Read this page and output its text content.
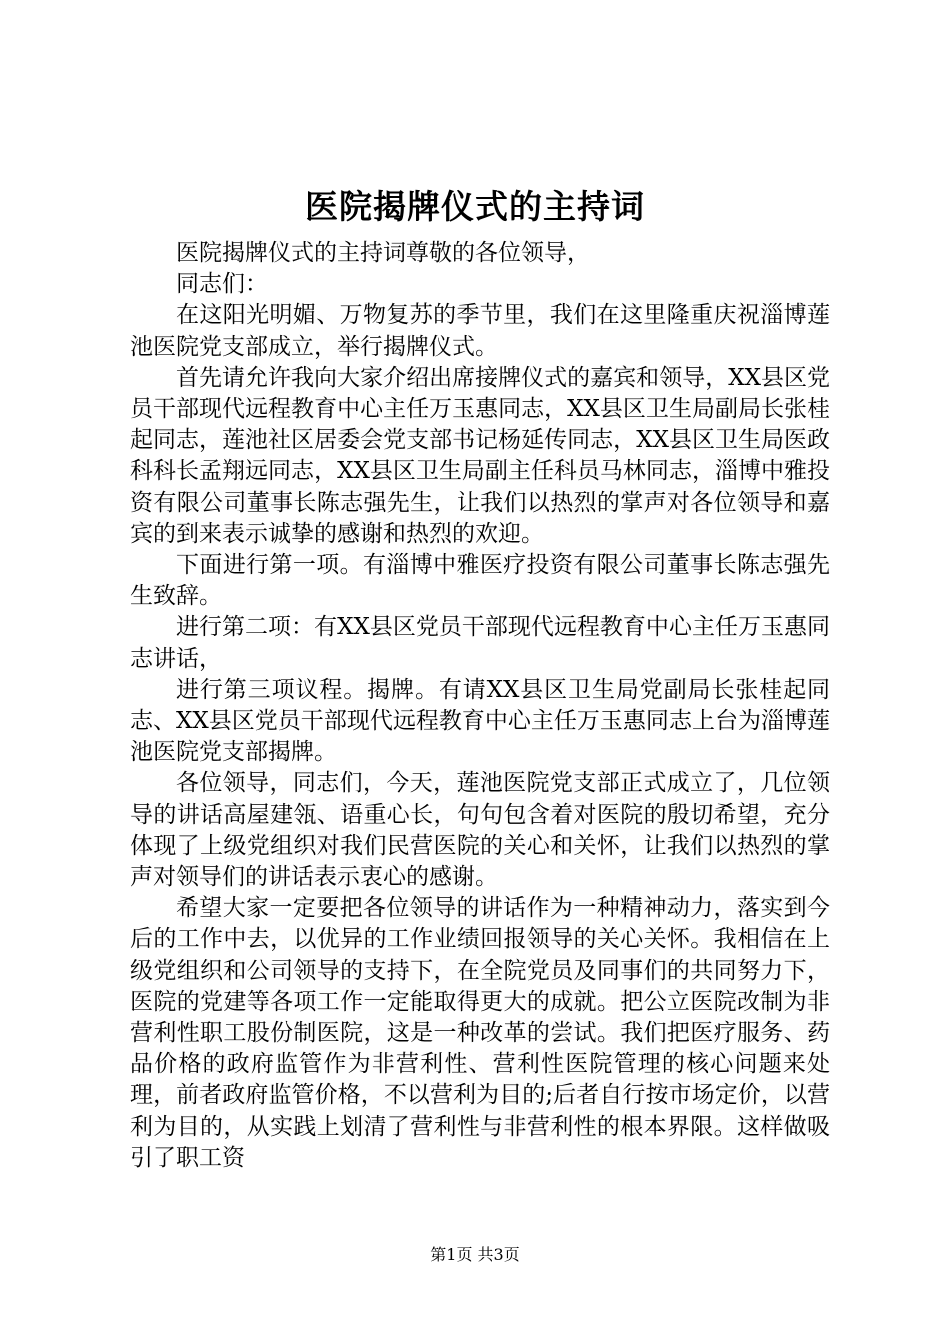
医院揭牌仪式的主持词

医院揭牌仪式的主持词尊敬的各位领导，

同志们：

在这阳光明媚、万物复苏的季节里，我们在这里隆重庆祝淄博莲池医院党支部成立，举行揭牌仪式。

首先请允许我向大家介绍出席接牌仪式的嘉宾和领导，XX县区党员干部现代远程教育中心主任万玉惠同志，XX县区卫生局副局长张桂起同志，莲池社区居委会党支部书记杨延传同志，XX县区卫生局医政科科长孟翔远同志，XX县区卫生局副主任科员马林同志，淄博中雅投资有限公司董事长陈志强先生，让我们以热烈的掌声对各位领导和嘉宾的到来表示诚挚的感谢和热烈的欢迎。

下面进行第一项。有淄博中雅医疗投资有限公司董事长陈志强先生致辞。

进行第二项：有XX县区党员干部现代远程教育中心主任万玉惠同志讲话，

进行第三项议程。揭牌。有请XX县区卫生局党副局长张桂起同志、XX县区党员干部现代远程教育中心主任万玉惠同志上台为淄博莲池医院党支部揭牌。

各位领导，同志们，今天，莲池医院党支部正式成立了，几位领导的讲话高屋建瓴、语重心长，句句包含着对医院的殷切希望，充分体现了上级党组织对我们民营医院的关心和关怀，让我们以热烈的掌声对领导们的讲话表示衷心的感谢。

希望大家一定要把各位领导的讲话作为一种精神动力，落实到今后的工作中去，以优异的工作业绩回报领导的关心关怀。我相信在上级党组织和公司领导的支持下，在全院党员及同事们的共同努力下，医院的党建等各项工作一定能取得更大的成就。把公立医院改制为非营利性职工股份制医院，这是一种改革的尝试。我们把医疗服务、药品价格的政府监管作为非营利性、营利性医院管理的核心问题来处理，前者政府监管价格，不以营利为目的;后者自行按市场定价，以营利为目的，从实践上划清了营利性与非营利性的根本界限。这样做吸引了职工资

第1页 共3页
